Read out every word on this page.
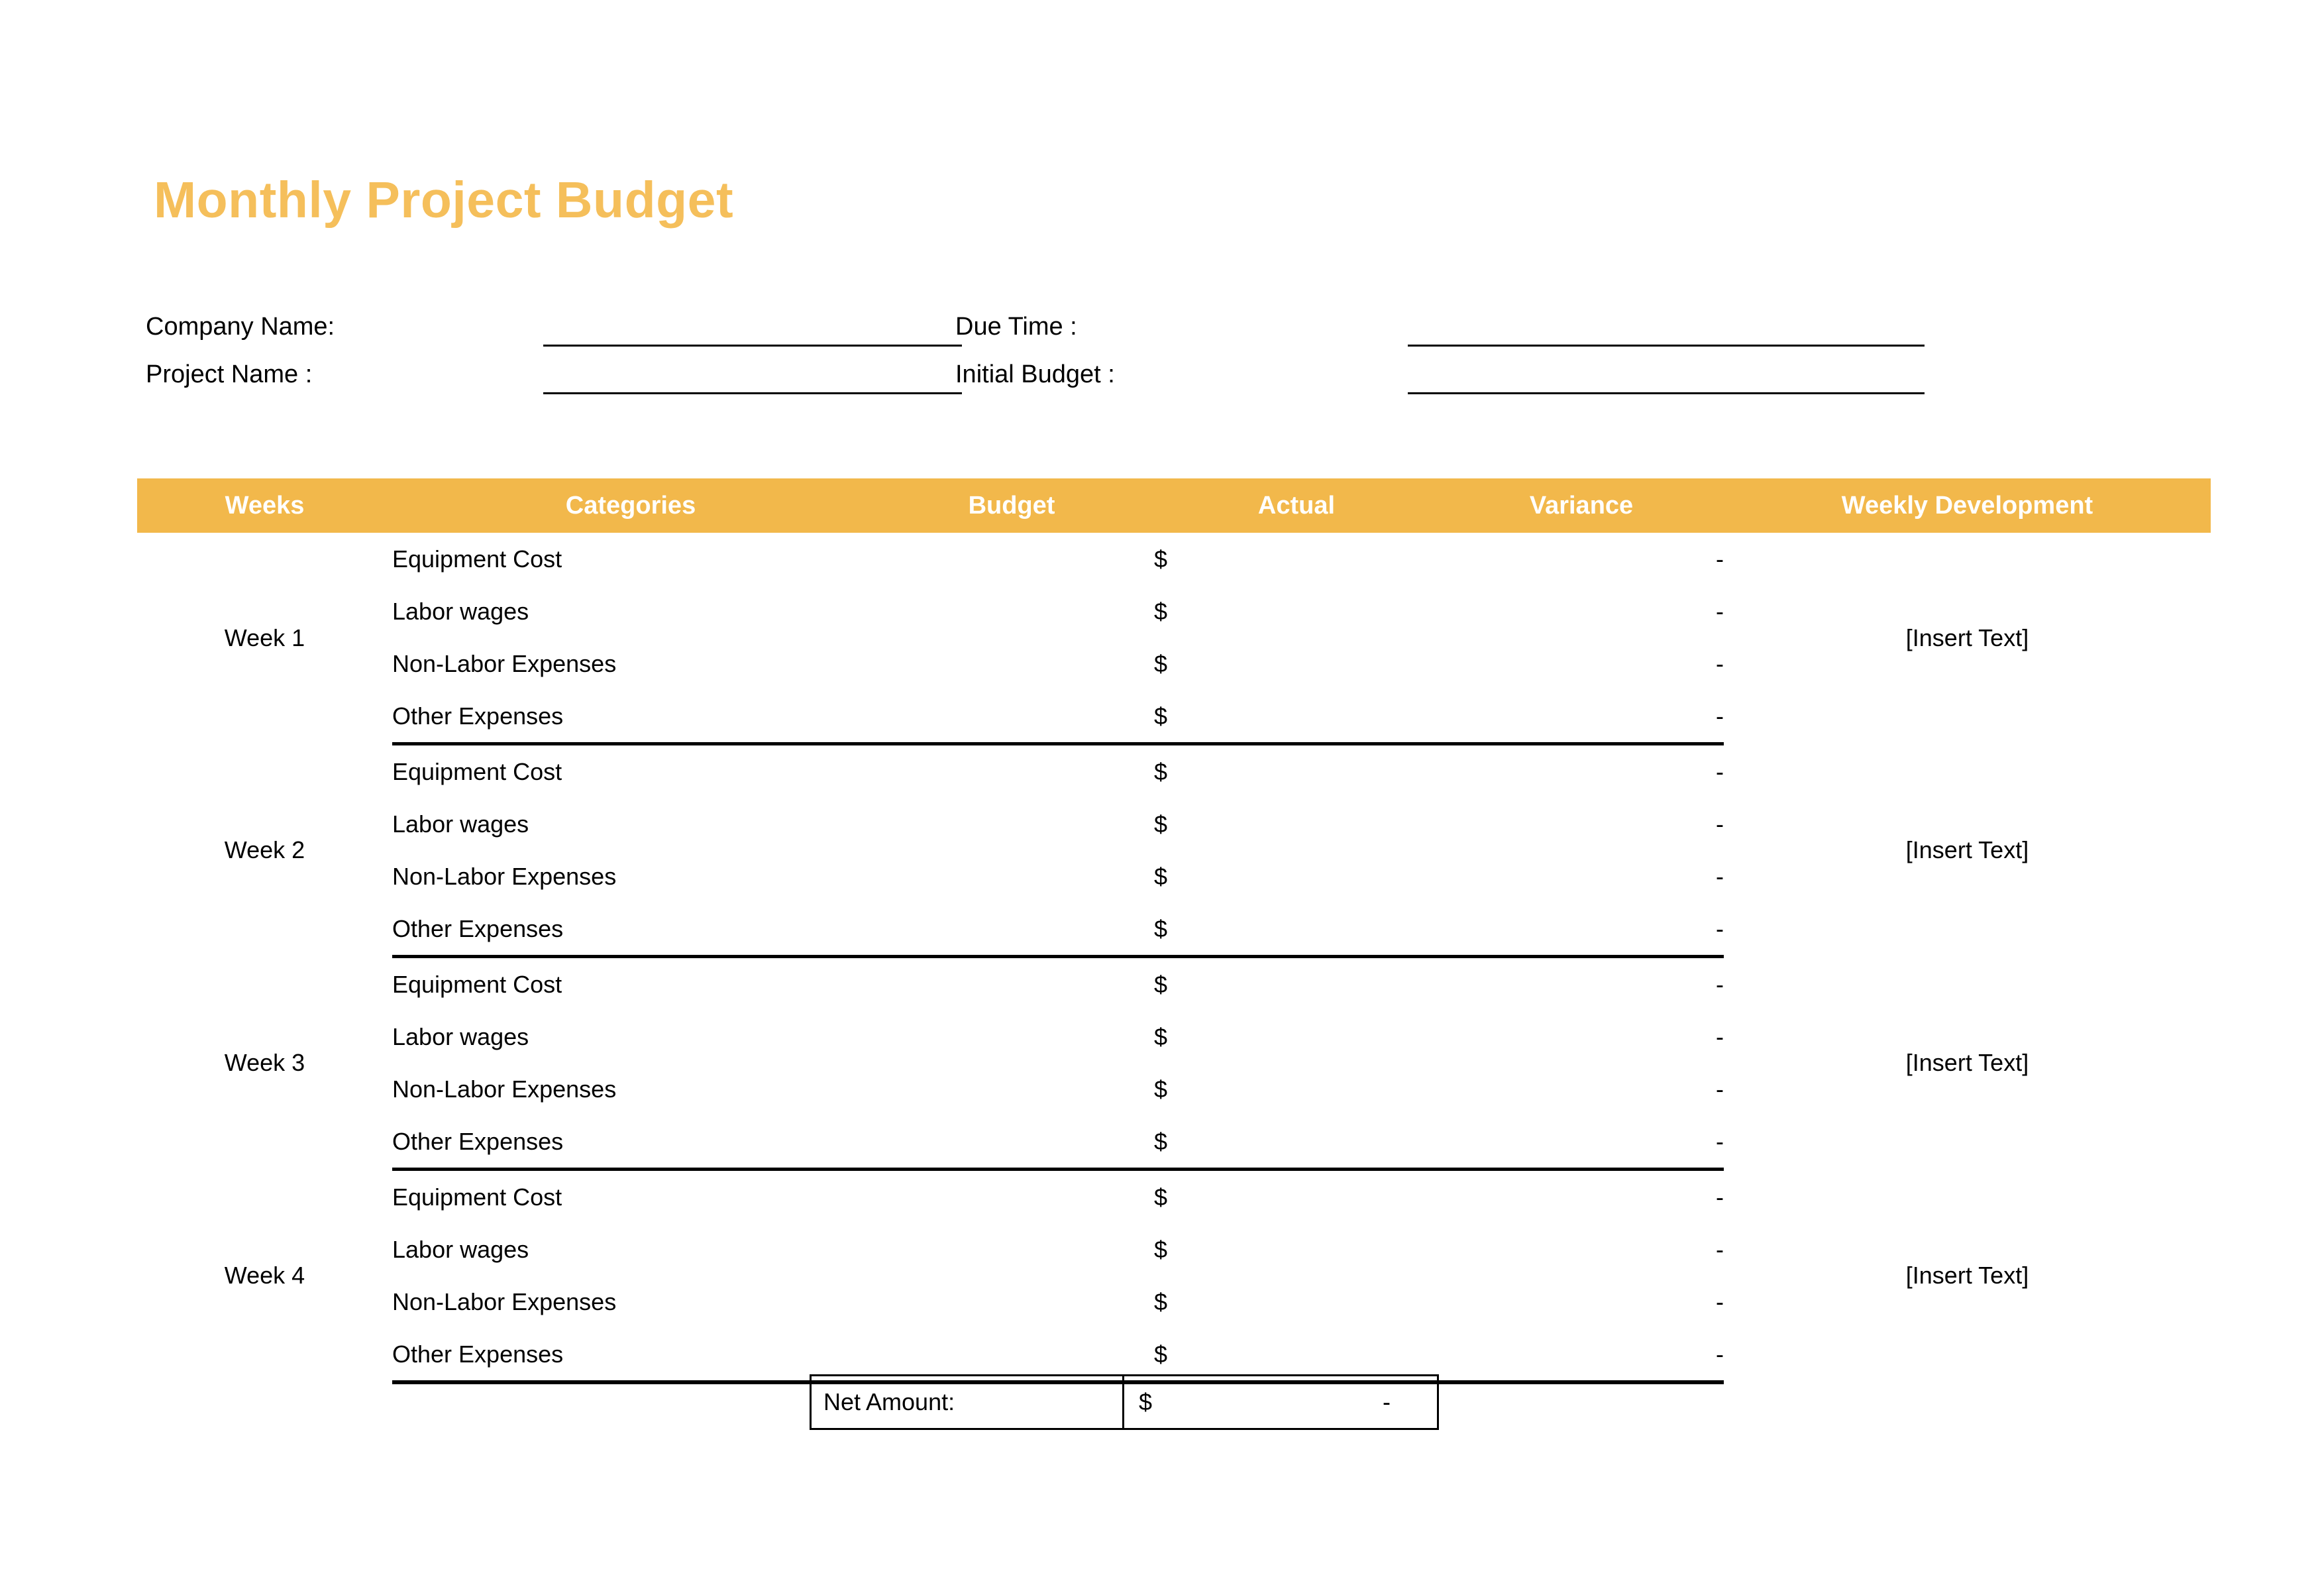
Monthly Project Budget
Company Name:
Project Name :
Due Time :
Initial Budget :
Weeks	Categories	Budget	Actual	Variance	Weekly Development
Week 1	Equipment Cost		$	-	[Insert Text]
	Labor wages		$	-	
	Non-Labor Expenses		$	-	
	Other Expenses		$	-	
Week 2	Equipment Cost		$	-	[Insert Text]
	Labor wages		$	-	
	Non-Labor Expenses		$	-	
	Other Expenses		$	-	
Week 3	Equipment Cost		$	-	[Insert Text]
	Labor wages		$	-	
	Non-Labor Expenses		$	-	
	Other Expenses		$	-	
Week 4	Equipment Cost		$	-	[Insert Text]
	Labor wages		$	-	
	Non-Labor Expenses		$	-	
	Other Expenses		$	-	
Net Amount:	$	-
